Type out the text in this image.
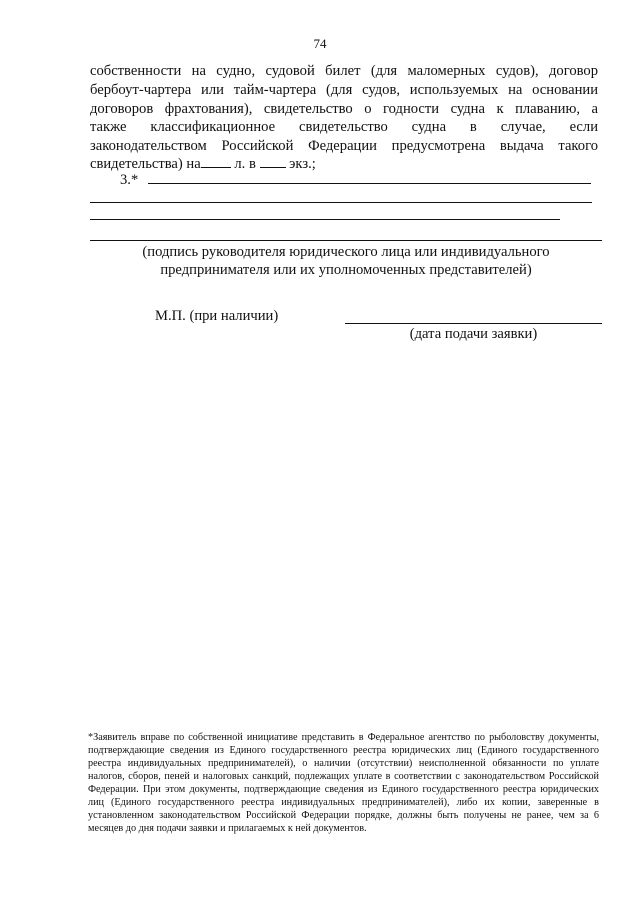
74
собственности на судно, судовой билет (для маломерных судов), договор
бербоут-чартера или тайм-чартера (для судов, используемых на основании
договоров фрахтования), свидетельство о годности судна к плаванию, а
также классификационное свидетельство судна в случае, если
законодательством Российской Федерации предусмотрена выдача такого
свидетельства) на л. в экз.;
3.*
(подпись руководителя юридического лица или индивидуального
предпринимателя или их уполномоченных представителей)
М.П. (при наличии)
(дата подачи заявки)
*Заявитель вправе по собственной инициативе представить в Федеральное агентство по рыболовству документы,
подтверждающие сведения из Единого государственного реестра юридических лиц (Единого государственного
реестра индивидуальных предпринимателей), о наличии (отсутствии) неисполненной обязанности по уплате
налогов, сборов, пеней и налоговых санкций, подлежащих уплате в соответствии с законодательством Российской
Федерации. При этом документы, подтверждающие сведения из Единого государственного реестра юридических
лиц (Единого государственного реестра индивидуальных предпринимателей), либо их копии, заверенные в
установленном законодательством Российской Федерации порядке, должны быть получены не ранее, чем за 6
месяцев до дня подачи заявки и прилагаемых к ней документов.
